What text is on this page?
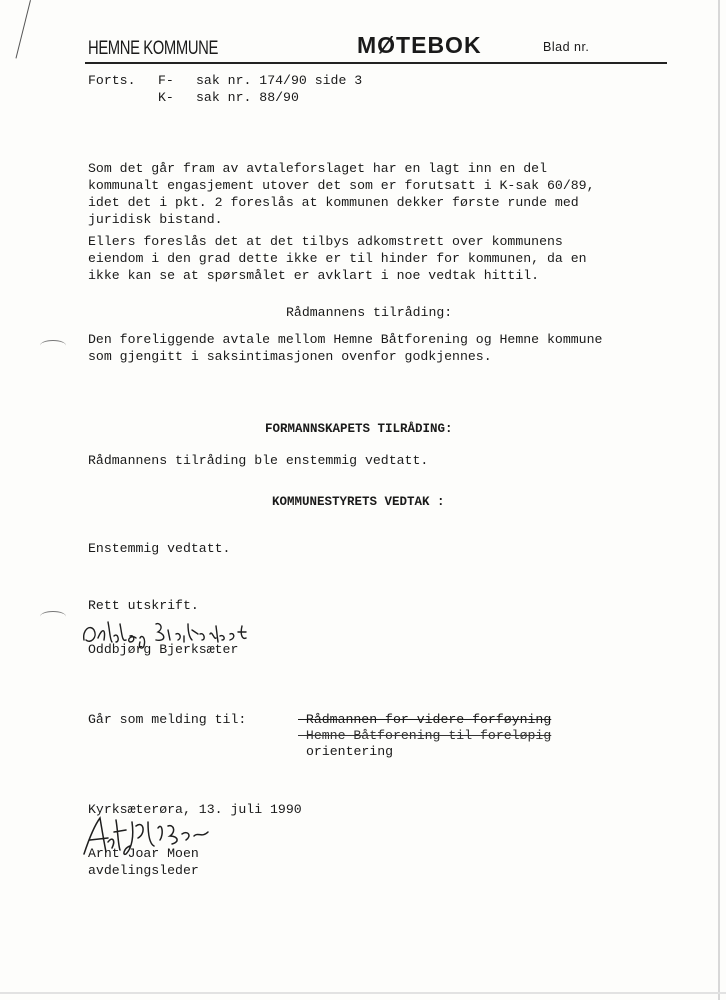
HEMNE KOMMUNE	MØTEBOK	Blad nr.
Forts. F- sak nr. 174/90 side 3
K- sak nr. 88/90
Som det går fram av avtaleforslaget har en lagt inn en del
kommunalt engasjement utover det som er forutsatt i K-sak 60/89,
idet det i pkt. 2 foreslås at kommunen dekker første runde med
juridisk bistand.
Ellers foreslås det at det tilbys adkomstrett over kommunens
eiendom i den grad dette ikke er til hinder for kommunen, da en
ikke kan se at spørsmålet er avklart i noe vedtak hittil.
Rådmannens tilråding:
Den foreliggende avtale mellom Hemne Båtforening og Hemne kommune
som gjengitt i saksintimasjonen ovenfor godkjennes.
FORMANNSKAPETS TILRÅDING:
Rådmannens tilråding ble enstemmig vedtatt.
KOMMUNESTYRETS VEDTAK :
Enstemmig vedtatt.
Rett utskrift.
Oddbjørg Bjerksæter
Går som melding til:	-Rådmannen for videre forføyning
-Hemne Båtforening til foreløpig
orientering
Kyrksæterøra, 13. juli 1990
Arnt Joar Moen
avdelingsleder
